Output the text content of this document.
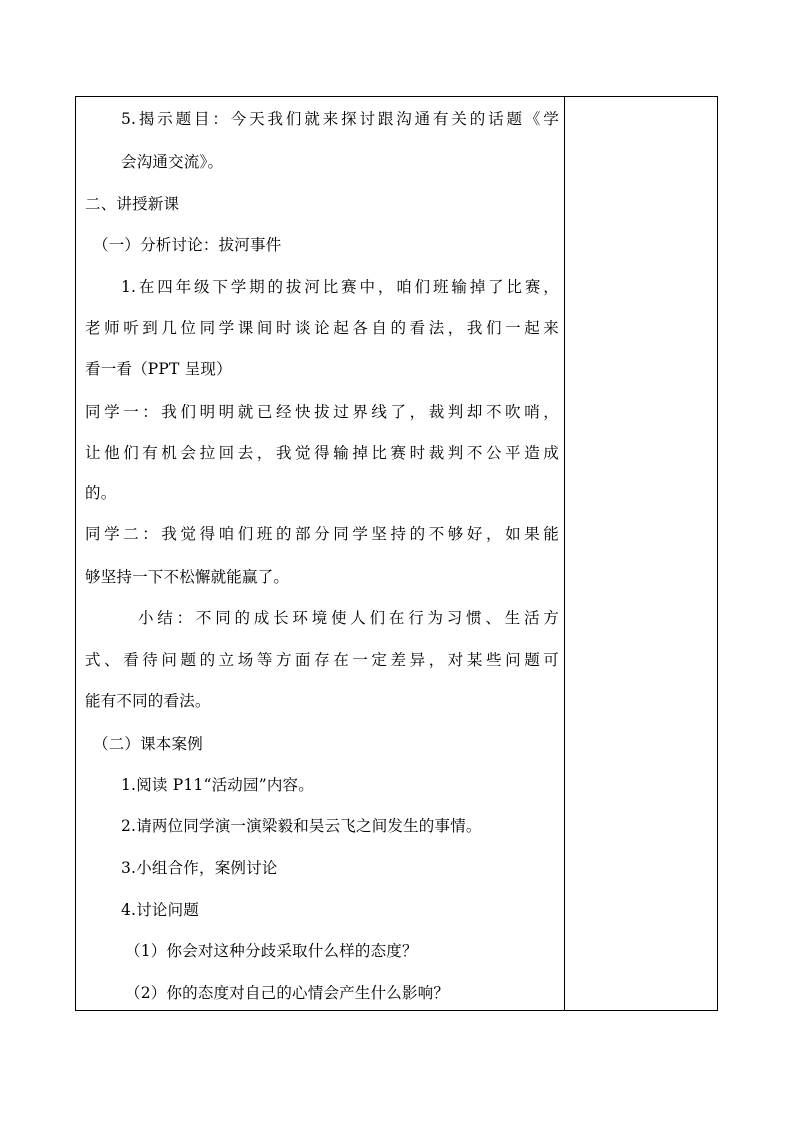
5.揭示题目：今天我们就来探讨跟沟通有关的话题《学
会沟通交流》。
二、讲授新课
（一）分析讨论：拔河事件
1.在四年级下学期的拔河比赛中，咱们班输掉了比赛，
老师听到几位同学课间时谈论起各自的看法，我们一起来
看一看（PPT 呈现）
同学一：我们明明就已经快拔过界线了，裁判却不吹哨，
让他们有机会拉回去，我觉得输掉比赛时裁判不公平造成
的。
同学二：我觉得咱们班的部分同学坚持的不够好，如果能
够坚持一下不松懈就能赢了。
小结：不同的成长环境使人们在行为习惯、生活方
式、看待问题的立场等方面存在一定差异，对某些问题可
能有不同的看法。
（二）课本案例
1.阅读 P11“活动园”内容。
2.请两位同学演一演梁毅和吴云飞之间发生的事情。
3.小组合作，案例讨论
4.讨论问题
（1）你会对这种分歧采取什么样的态度？
（2）你的态度对自己的心情会产生什么影响？
